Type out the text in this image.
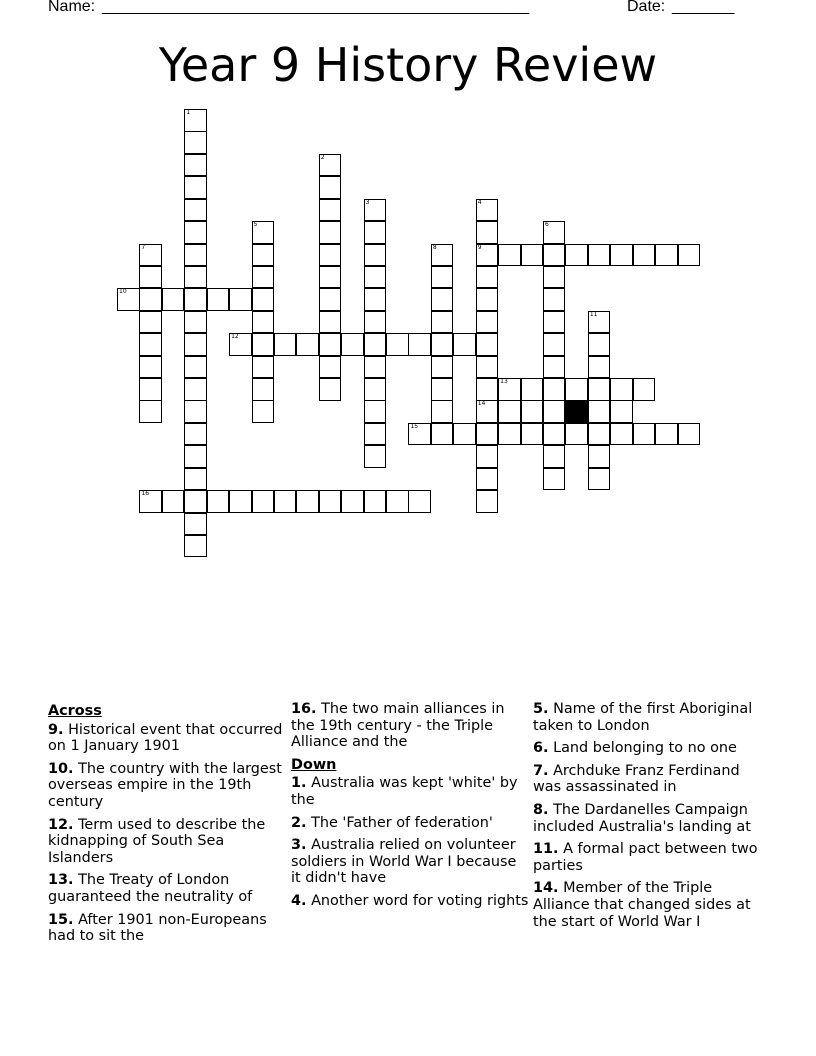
Name:

________________________________________________

	Date:

_______

Year 9 History Review
1
2
3	4
9
14
5	6
7	8
10
11
12
13
15
16
Across
9. Historical event that occurred on 1 January 1901
10. The country with the largest overseas empire in the 19th century
12. Term used to describe the kidnapping of South Sea Islanders
13. The Treaty of London guaranteed the neutrality of
15. After 1901 non-Europeans had to sit the
16. The two main alliances in the 19th century - the Triple Alliance and the
Down
1. Australia was kept 'white' by the
2. The 'Father of federation'
3. Australia relied on volunteer soldiers in World War I because it didn't have
4. Another word for voting rights
5. Name of the first Aboriginal taken to London
6. Land belonging to no one
7. Archduke Franz Ferdinand was assassinated in
8. The Dardanelles Campaign included Australia's landing at
11. A formal pact between two parties
14. Member of the Triple Alliance that changed sides at the start of World War I
